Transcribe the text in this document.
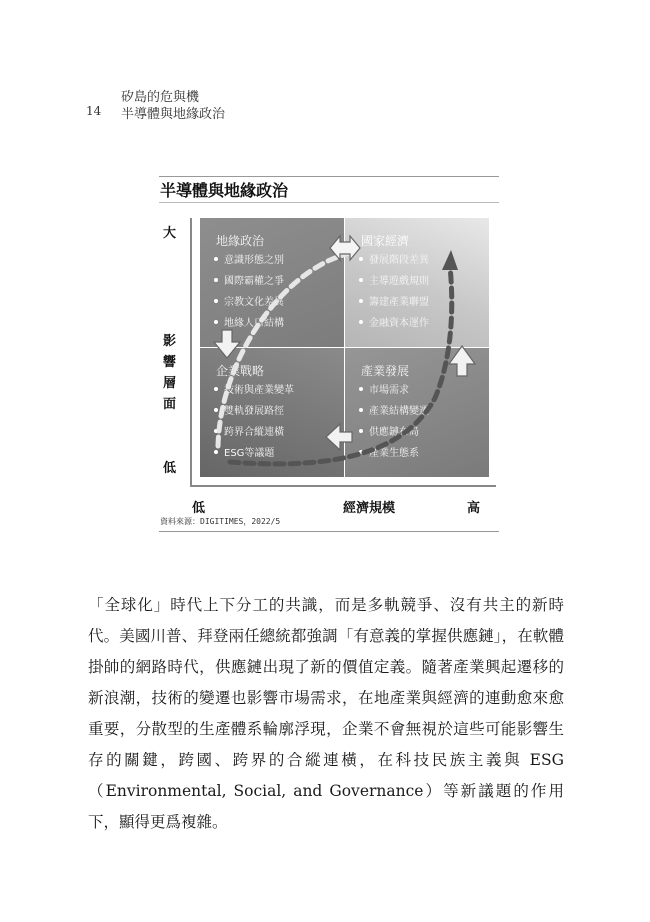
矽島的危與機
14 半導體與地緣政治
半導體與地緣政治
大
影
響
層
面
低
地緣政治
意識形態之別
國際霸權之爭
宗教文化差異
地緣人口結構
國家經濟
發展階段差異
主導遊戲規則
籌建產業聯盟
金融資本運作
企業戰略
技術與產業變革
雙軌發展路徑
跨界合縱連橫
ESG等議題
產業發展
市場需求
產業結構變遷
供應鏈布局
產業生態系
低	經濟規模	高
資料來源：DIGITIMES，2022/5

「全球化」時代上下分工的共識，而是多軌競爭、沒有共主的新時代。美國川普、拜登兩任總統都強調「有意義的掌握供應鏈」，在軟體掛帥的網路時代，供應鏈出現了新的價值定義。隨著產業興起遷移的新浪潮，技術的變遷也影響市場需求，在地產業與經濟的連動愈來愈重要，分散型的生產體系輪廓浮現，企業不會無視於這些可能影響生存的關鍵，跨國、跨界的合縱連橫，在科技民族主義與 ESG（Environmental, Social, and Governance）等新議題的作用下，顯得更爲複雜。
